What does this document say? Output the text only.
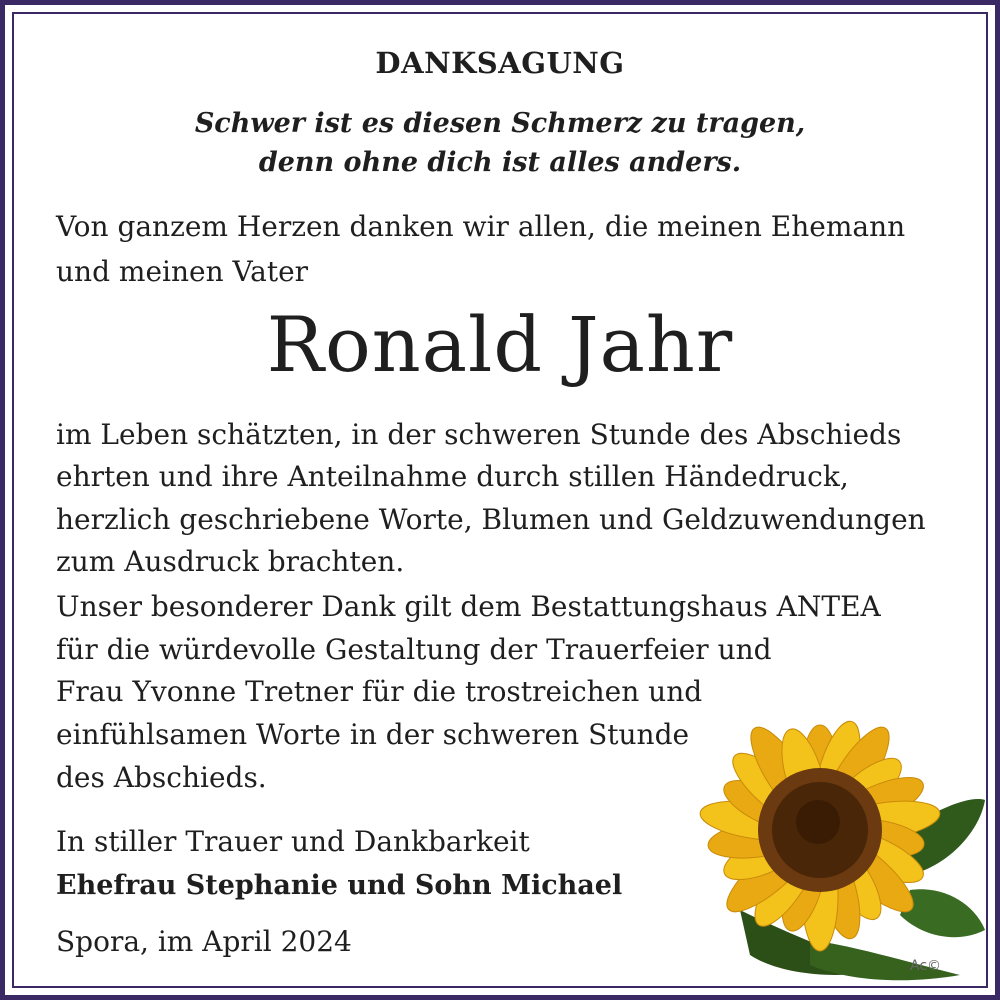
DANKSAGUNG
Schwer ist es diesen Schmerz zu tragen,
denn ohne dich ist alles anders.
Von ganzem Herzen danken wir allen, die meinen Ehemann
und meinen Vater
Ronald Jahr
im Leben schätzten, in der schweren Stunde des Abschieds
ehrten und ihre Anteilnahme durch stillen Händedruck,
herzlich geschriebene Worte, Blumen und Geldzuwendungen
zum Ausdruck brachten.
Unser besonderer Dank gilt dem Bestattungshaus ANTEA
für die würdevolle Gestaltung der Trauerfeier und
Frau Yvonne Tretner für die trostreichen und
einfühlsamen Worte in der schweren Stunde
des Abschieds.
In stiller Trauer und Dankbarkeit
Ehefrau Stephanie und Sohn Michael
Spora, im April 2024
Ac©
